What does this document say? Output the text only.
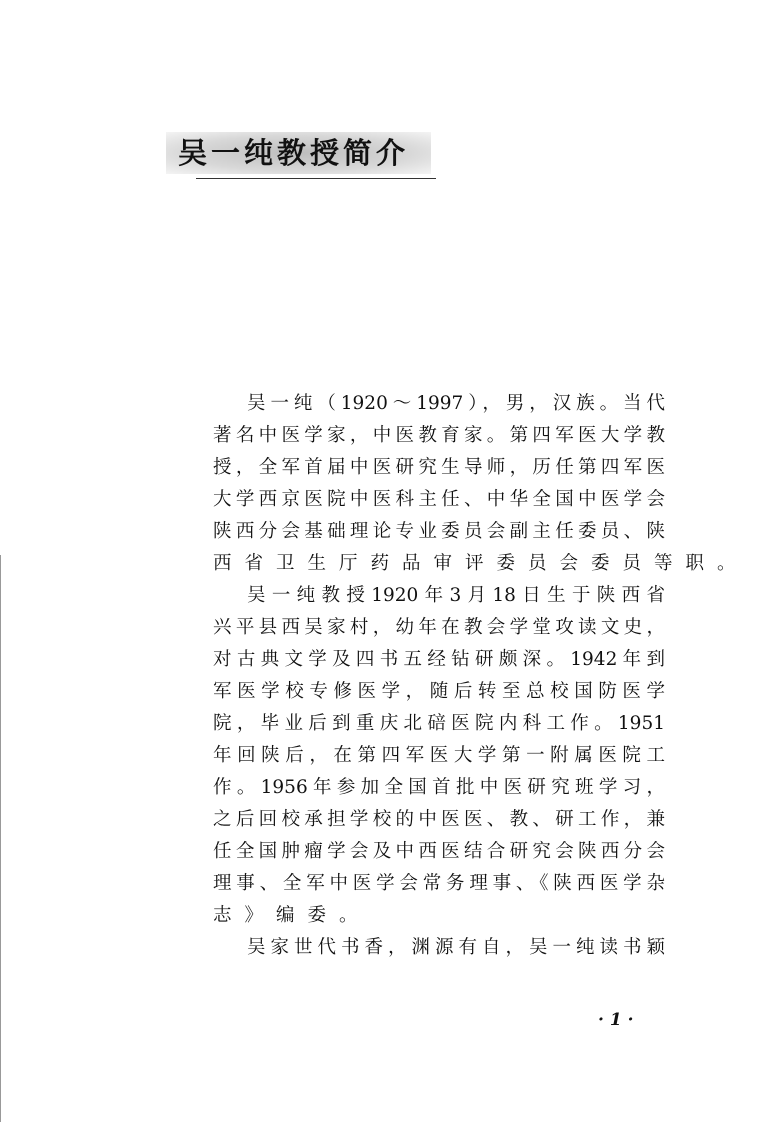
吴一纯教授简介
吴一纯（1920～1997），男，汉族。当代
著名中医学家，中医教育家。第四军医大学教
授，全军首届中医研究生导师，历任第四军医
大学西京医院中医科主任、中华全国中医学会
陕西分会基础理论专业委员会副主任委员、陕
西省卫生厅药品审评委员会委员等职。
吴一纯教授1920年3月18日生于陕西省
兴平县西吴家村，幼年在教会学堂攻读文史，
对古典文学及四书五经钻研颇深。1942年到
军医学校专修医学，随后转至总校国防医学
院，毕业后到重庆北碚医院内科工作。1951
年回陕后，在第四军医大学第一附属医院工
作。1956年参加全国首批中医研究班学习，
之后回校承担学校的中医医、教、研工作，兼
任全国肿瘤学会及中西医结合研究会陕西分会
理事、全军中医学会常务理事、《陕西医学杂
志》编委。
吴家世代书香，渊源有自，吴一纯读书颖
· 1 ·
